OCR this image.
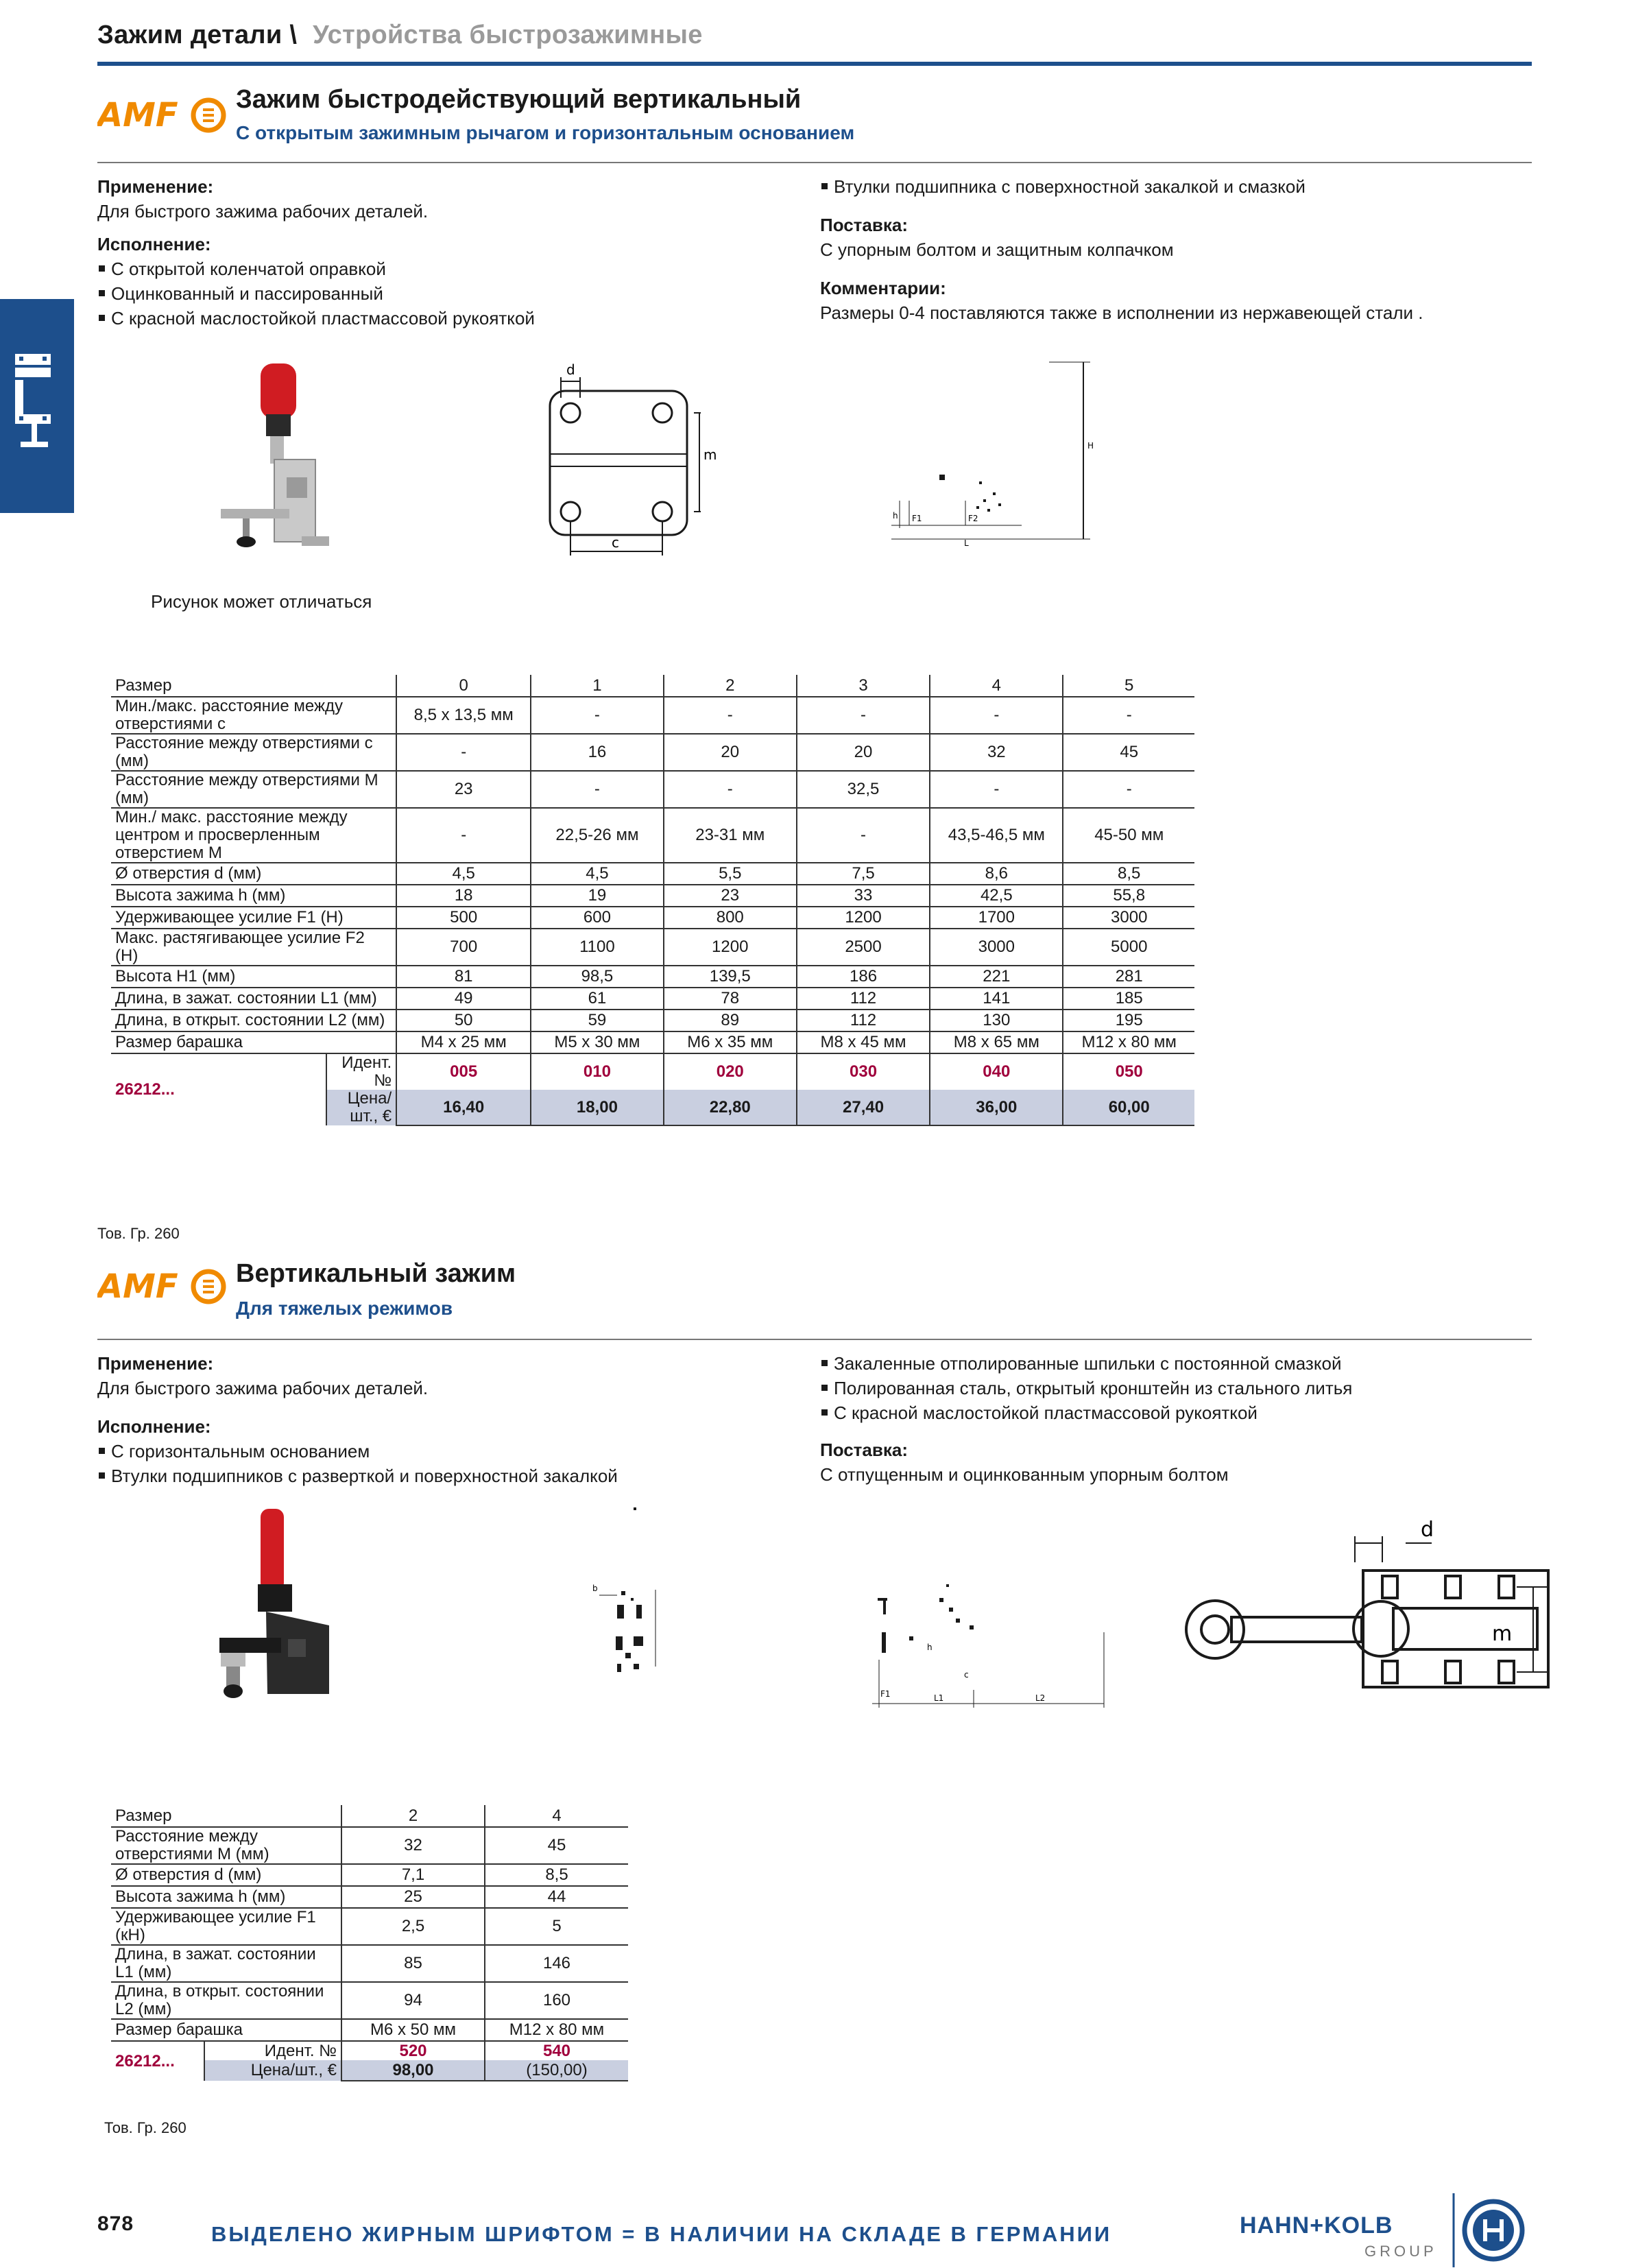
Зажим детали \ Устройства быстрозажимные
AMF Зажим быстродействующий вертикальный
С открытым зажимным рычагом и горизонтальным основанием
Применение:
Для быстрого зажима рабочих деталей.
Исполнение:
С открытой коленчатой оправкой
Оцинкованный и пассированный
С красной маслостойкой пластмассовой рукояткой
Втулки подшипника с поверхностной закалкой и смазкой
Поставка:
С упорным болтом и защитным колпачком
Комментарии:
Размеры 0-4 поставляются также в исполнении из нержавеющей стали .
d
m
c
H
h F1	F2
L
Рисунок может отличаться
Размер		0	1	2	3	4	5
Мин./макс. расстояние между отверстиями c		8,5 x 13,5 мм	-	-	-	-	-
Расстояние между отверстиями c (мм)		-	16	20	20	32	45
Расстояние между отверстиями M (мм)		23	-	-	32,5	-	-
Мин./ макс. расстояние между центром и просверленным отверстием M		-	22,5-26 мм	23-31 мм	-	43,5-46,5 мм	45-50 мм
Ø отверстия d (мм)		4,5	4,5	5,5	7,5	8,6	8,5
Высота зажима h (мм)		18	19	23	33	42,5	55,8
Удерживающее усилие F1 (H)		500	600	800	1200	1700	3000
Макс. растягивающее усилие F2 (H)		700	1100	1200	2500	3000	5000
Высота H1 (мм)		81	98,5	139,5	186	221	281
Длина, в зажат. состоянии L1 (мм)		49	61	78	112	141	185
Длина, в открыт. состоянии L2 (мм)		50	59	89	112	130	195
Размер барашка		M4 x 25 мм	M5 x 30 мм	M6 x 35 мм	M8 x 45 мм	M8 x 65 мм	M12 x 80 мм
26212...	Идент. №	005	010	020	030	040	050
	Цена/шт., €	16,40	18,00	22,80	27,40	36,00	60,00
Тов. Гр. 260
AMF Вертикальный зажим
Для тяжелых режимов
Применение:
Для быстрого зажима рабочих деталей.
Исполнение:
С горизонтальным основанием
Втулки подшипников с разверткой и поверхностной закалкой
Закаленные отполированные шпильки с постоянной смазкой
Полированная сталь, открытый кронштейн из стального литья
С красной маслостойкой пластмассовой рукояткой
Поставка:
С отпущенным и оцинкованным упорным болтом
b
F1
h
c
L1	L2
d
m
Размер		2	4
Расстояние между отверстиями M (мм)		32	45
Ø отверстия d (мм)		7,1	8,5
Высота зажима h (мм)		25	44
Удерживающее усилие F1 (кН)		2,5	5
Длина, в зажат. состоянии L1 (мм)		85	146
Длина, в открыт. состоянии L2 (мм)		94	160
Размер барашка		M6 x 50 мм	M12 x 80 мм
26212...	Идент. №	520	540
	Цена/шт., €	98,00	(150,00)
Тов. Гр. 260
878	ВЫДЕЛЕНО ЖИРНЫМ ШРИФТОМ = В НАЛИЧИИ НА СКЛАДЕ В ГЕРМАНИИ	HAHN+KOLB
GROUP
